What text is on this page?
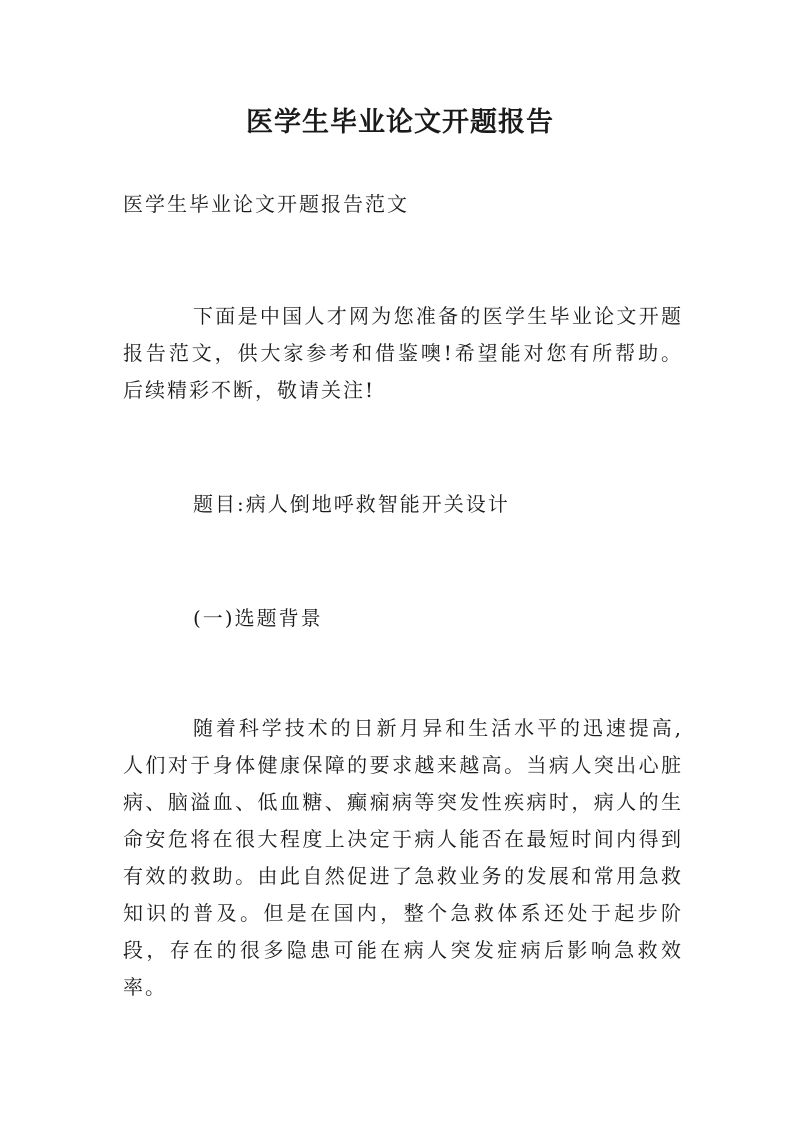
医学生毕业论文开题报告
医学生毕业论文开题报告范文
下面是中国人才网为您准备的医学生毕业论文开题报告范文，供大家参考和借鉴噢!希望能对您有所帮助。后续精彩不断，敬请关注!
题目:病人倒地呼救智能开关设计
(一)选题背景
随着科学技术的日新月异和生活水平的迅速提高,人们对于身体健康保障的要求越来越高。当病人突出心脏病、脑溢血、低血糖、癫痫病等突发性疾病时，病人的生命安危将在很大程度上决定于病人能否在最短时间内得到有效的救助。由此自然促进了急救业务的发展和常用急救知识的普及。但是在国内，整个急救体系还处于起步阶段，存在的很多隐患可能在病人突发症病后影响急救效率。
